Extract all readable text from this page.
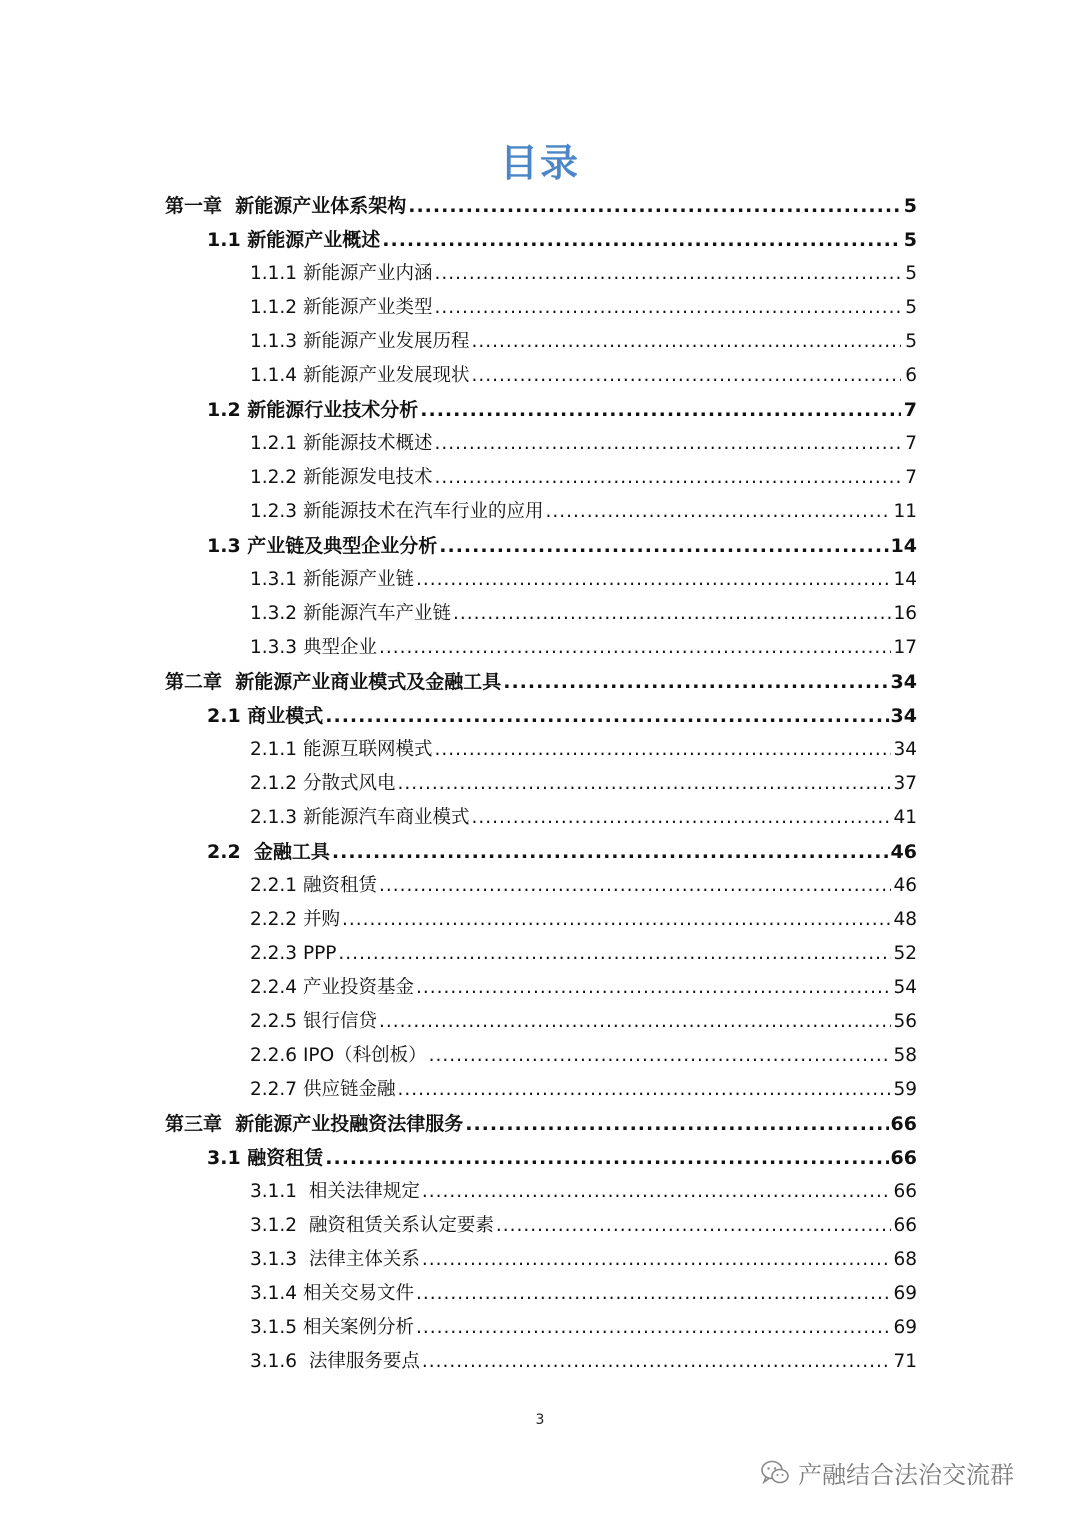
目录
第一章  新能源产业体系架构 .....	5
1.1 新能源产业概述 .....	5
1.1.1 新能源产业内涵 .....	5
1.1.2 新能源产业类型 .....	5
1.1.3 新能源产业发展历程 .....	5
1.1.4 新能源产业发展现状 .....	6
1.2 新能源行业技术分析 .....	7
1.2.1 新能源技术概述 .....	7
1.2.2 新能源发电技术 .....	7
1.2.3 新能源技术在汽车行业的应用 .....	11
1.3 产业链及典型企业分析 .....	14
1.3.1 新能源产业链 .....	14
1.3.2 新能源汽车产业链 .....	16
1.3.3 典型企业 .....	17
第二章  新能源产业商业模式及金融工具 .....	34
2.1 商业模式 .....	34
2.1.1 能源互联网模式 .....	34
2.1.2 分散式风电 .....	37
2.1.3 新能源汽车商业模式 .....	41
2.2  金融工具 .....	46
2.2.1 融资租赁 .....	46
2.2.2 并购 .....	48
2.2.3 PPP .....	52
2.2.4 产业投资基金 .....	54
2.2.5 银行信贷 .....	56
2.2.6 IPO（科创板） .....	58
2.2.7 供应链金融 .....	59
第三章  新能源产业投融资法律服务 .....	66
3.1 融资租赁 .....	66
3.1.1  相关法律规定 .....	66
3.1.2  融资租赁关系认定要素 .....	66
3.1.3  法律主体关系 .....	68
3.1.4 相关交易文件 .....	69
3.1.5 相关案例分析 .....	69
3.1.6  法律服务要点 .....	71
3
产融结合法治交流群
